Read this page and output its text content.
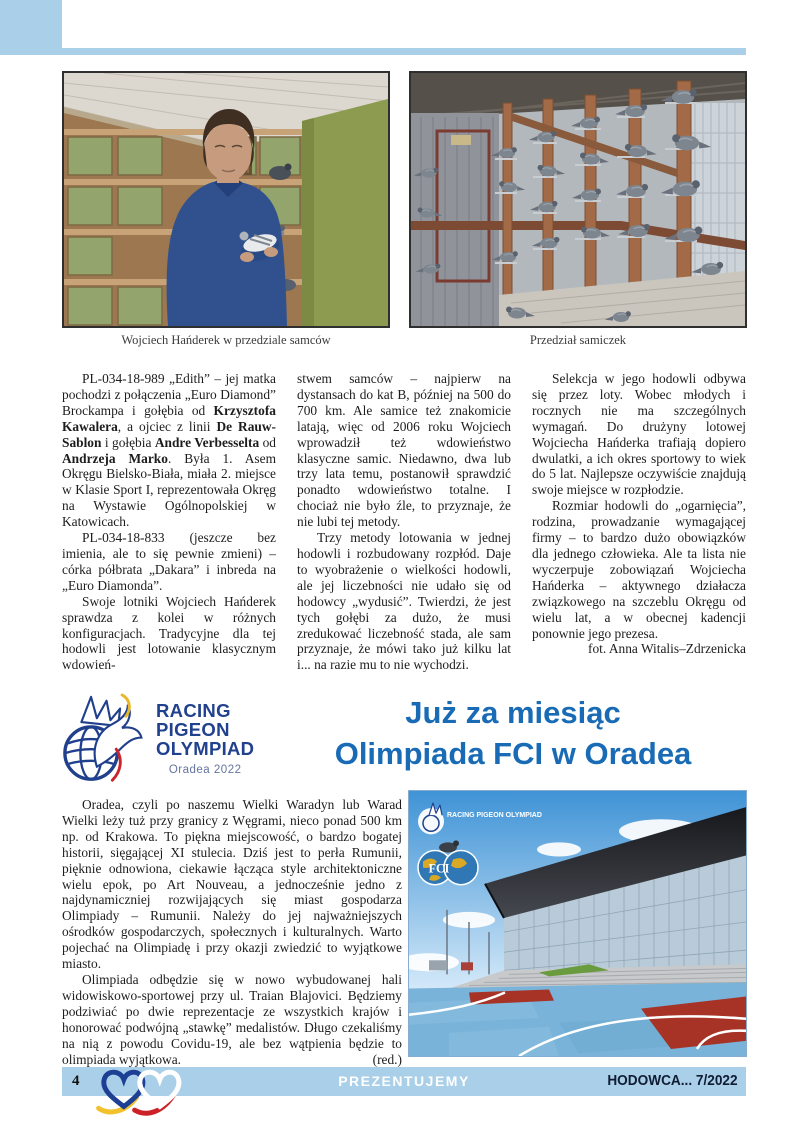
Wojciech Hańderek w przedziale samców	Przedział samiczek

PL-034-18-989 „Edith” – jej matka pochodzi z połączenia „Euro Diamond” Brockampa i gołębia od Krzysztofa Kawalera, a ojciec z linii De Rauw-Sablon i gołębia Andre Verbesselta od Andrzeja Marko. Była 1. Asem Okręgu Bielsko-Biała, miała 2. miejsce w Klasie Sport I, reprezentowała Okręg na Wystawie Ogólnopolskiej w Katowicach.

PL-034-18-833 (jeszcze bez imienia, ale to się pewnie zmieni) – córka półbrata „Dakara” i inbreda na „Euro Diamonda”.

Swoje lotniki Wojciech Hańderek sprawdza z kolei w różnych konfiguracjach. Tradycyjne dla tej hodowli jest lotowanie klasycznym wdowień-

stwem samców – najpierw na dystansach do kat B, później na 500 do 700 km. Ale samice też znakomicie latają, więc od 2006 roku Wojciech wprowadził też wdowieństwo klasyczne samic. Niedawno, dwa lub trzy lata temu, postanowił sprawdzić ponadto wdowieństwo totalne. I chociaż nie było źle, to przyznaje, że nie lubi tej metody.

Trzy metody lotowania w jednej hodowli i rozbudowany rozpłód. Daje to wyobrażenie o wielkości hodowli, ale jej liczebności nie udało się od hodowcy „wydusić”. Twierdzi, że jest tych gołębi za dużo, że musi zredukować liczebność stada, ale sam przyznaje, że mówi tako już kilku lat i... na razie mu to nie wychodzi.

Selekcja w jego hodowli odbywa się przez loty. Wobec młodych i rocznych nie ma szczególnych wymagań. Do drużyny lotowej Wojciecha Hańderka trafiają dopiero dwulatki, a ich okres sportowy to wiek do 5 lat. Najlepsze oczywiście znajdują swoje miejsce w rozpłodzie.

Rozmiar hodowli do „ogarnięcia”, rodzina, prowadzanie wymagającej firmy – to bardzo dużo obowiązków dla jednego człowieka. Ale ta lista nie wyczerpuje zobowiązań Wojciecha Hańderka – aktywnego działacza związkowego na szczeblu Okręgu od wielu lat, a w obecnej kadencji ponownie jego prezesa.

fot. Anna Witalis–Zdrzenicka

RACING
PIGEON
OLYMPIAD
Oradea 2022
Już za miesiąc
Olimpiada FCI w Oradea

Oradea, czyli po naszemu Wielki Waradyn lub Warad Wielki leży tuż przy granicy z Węgrami, nieco ponad 500 km np. od Krakowa. To piękna miejscowość, o bardzo bogatej historii, sięgającej XI stulecia. Dziś jest to perła Rumunii, pięknie odnowiona, ciekawie łącząca style architektoniczne wielu epok, po Art Nouveau, a jednocześnie jedno z najdynamiczniej rozwijających się miast gospodarza Olimpiady – Rumunii. Należy do jej najważniejszych ośrodków gospodarczych, społecznych i kulturalnych. Warto pojechać na Olimpiadę i przy okazji zwiedzić to wyjątkowe miasto.

Olimpiada odbędzie się w nowo wybudowanej hali widowiskowo-sportowej przy ul. Traian Blajovici. Będziemy podziwiać po dwie reprezentacje ze wszystkich krajów i honorować podwójną „stawkę” medalistów. Długo czekaliśmy na nią z powodu Covidu-19, ale bez wątpienia będzie to olimpiada wyjątkowa.	(red.)

RACING PIGEON OLYMPIAD
FCI
4	PREZENTUJEMY	HODOWCA... 7/2022
